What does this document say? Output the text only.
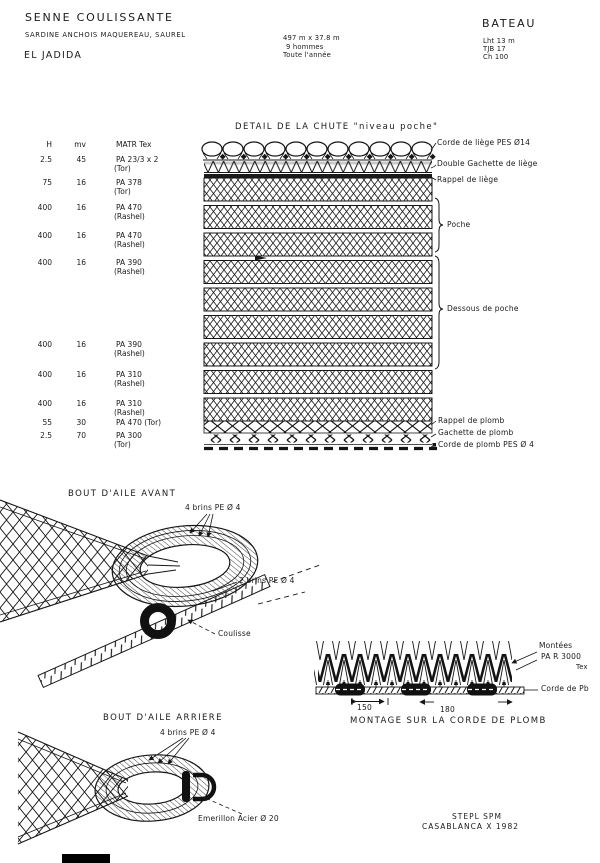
SENNE COULISSANTE
SARDINE ANCHOIS MAQUEREAU, SAUREL
EL JADIDA
497 m x 37.8 m
9 hommes
Toute l'année
BATEAU
Lht 13 m
TJB 17
Ch 100
DETAIL DE LA CHUTE "niveau poche"
H	mv	MATR Tex
2.5	45	PA 23/3 x 2
(Tor)
75	16	PA 378
(Tor)
400	16	PA 470
(Rashel)
400	16	PA 470
(Rashel)
400	16	PA 390
(Rashel)
400	16	PA 390
(Rashel)
400	16	PA 310
(Rashel)
400	16	PA 310
(Rashel)
55	30	PA 470 (Tor)
2.5	70	PA 300
(Tor)
Corde de liège PES Ø14
Double Gachette de liège
Rappel de liège
Poche
Dessous de poche
Rappel de plomb
Gachette de plomb
Corde de plomb PES Ø 4
BOUT D'AILE AVANT
4 brins PE Ø 4
2 brins PE Ø 4
Coulisse
BOUT D'AILE ARRIERE
4 brins PE Ø 4
Emerillon Acier Ø 20
Montées
PA R 3000
Tex
Corde de Pb
150	180
MONTAGE SUR LA CORDE DE PLOMB
STEPL SPM
CASABLANCA X 1982
